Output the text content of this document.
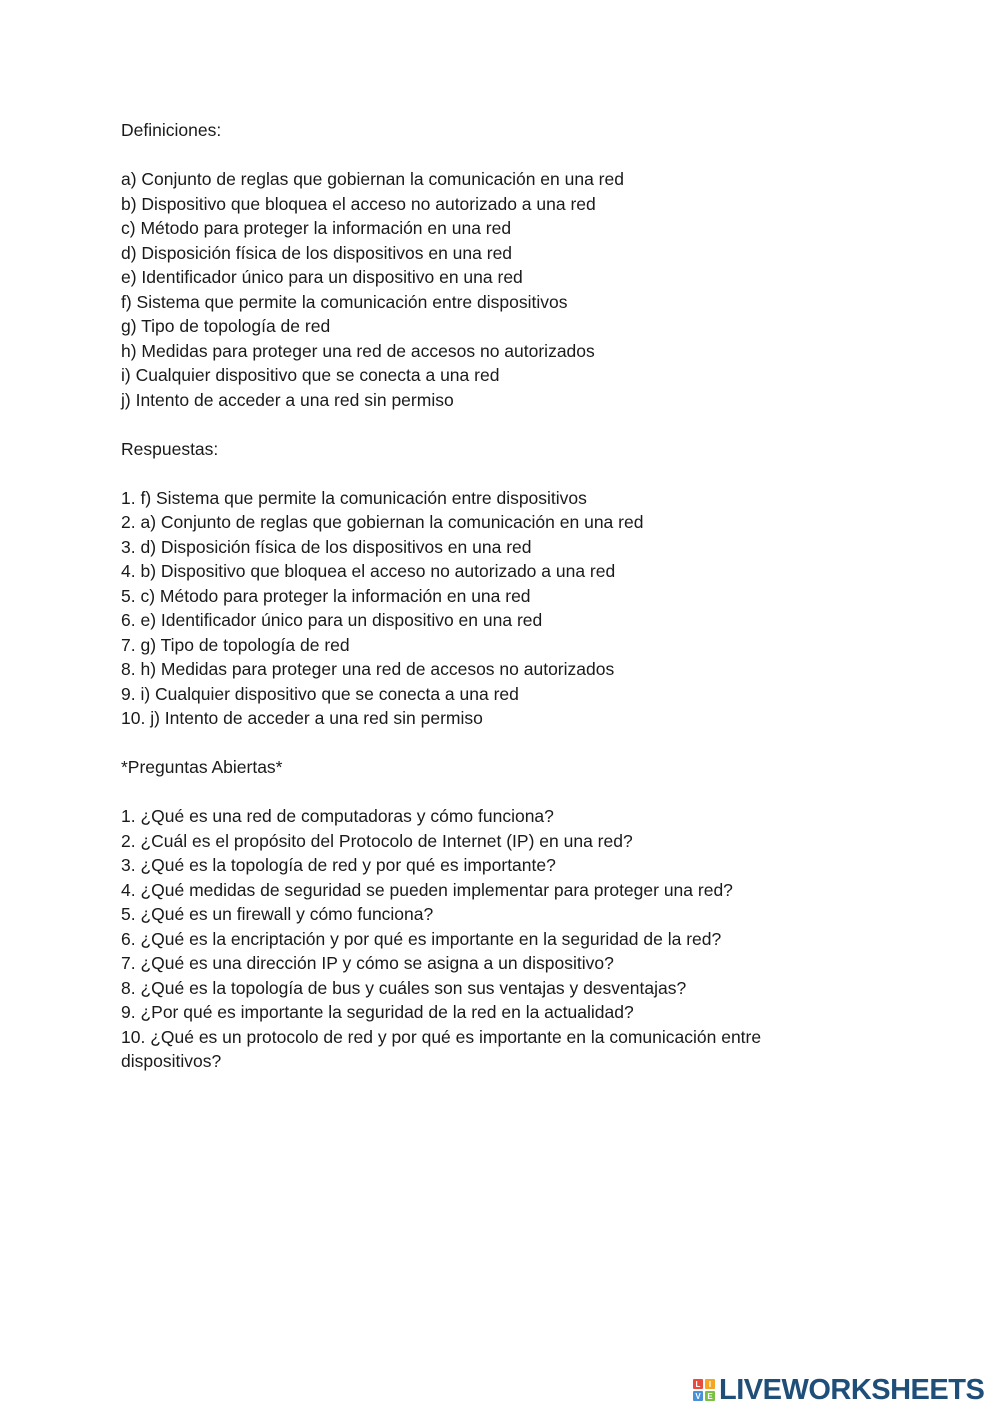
Definiciones:

a) Conjunto de reglas que gobiernan la comunicación en una red
b) Dispositivo que bloquea el acceso no autorizado a una red
c) Método para proteger la información en una red
d) Disposición física de los dispositivos en una red
e) Identificador único para un dispositivo en una red
f) Sistema que permite la comunicación entre dispositivos
g) Tipo de topología de red
h) Medidas para proteger una red de accesos no autorizados
i) Cualquier dispositivo que se conecta a una red
j) Intento de acceder a una red sin permiso

Respuestas:

1. f) Sistema que permite la comunicación entre dispositivos
2. a) Conjunto de reglas que gobiernan la comunicación en una red
3. d) Disposición física de los dispositivos en una red
4. b) Dispositivo que bloquea el acceso no autorizado a una red
5. c) Método para proteger la información en una red
6. e) Identificador único para un dispositivo en una red
7. g) Tipo de topología de red
8. h) Medidas para proteger una red de accesos no autorizados
9. i) Cualquier dispositivo que se conecta a una red
10. j) Intento de acceder a una red sin permiso

*Preguntas Abiertas*

1. ¿Qué es una red de computadoras y cómo funciona?
2. ¿Cuál es el propósito del Protocolo de Internet (IP) en una red?
3. ¿Qué es la topología de red y por qué es importante?
4. ¿Qué medidas de seguridad se pueden implementar para proteger una red?
5. ¿Qué es un firewall y cómo funciona?
6. ¿Qué es la encriptación y por qué es importante en la seguridad de la red?
7. ¿Qué es una dirección IP y cómo se asigna a un dispositivo?
8. ¿Qué es la topología de bus y cuáles son sus ventajas y desventajas?
9. ¿Por qué es importante la seguridad de la red en la actualidad?
10. ¿Qué es un protocolo de red y por qué es importante en la comunicación entre dispositivos?
L	I
V E LIVEWORKSHEETS
